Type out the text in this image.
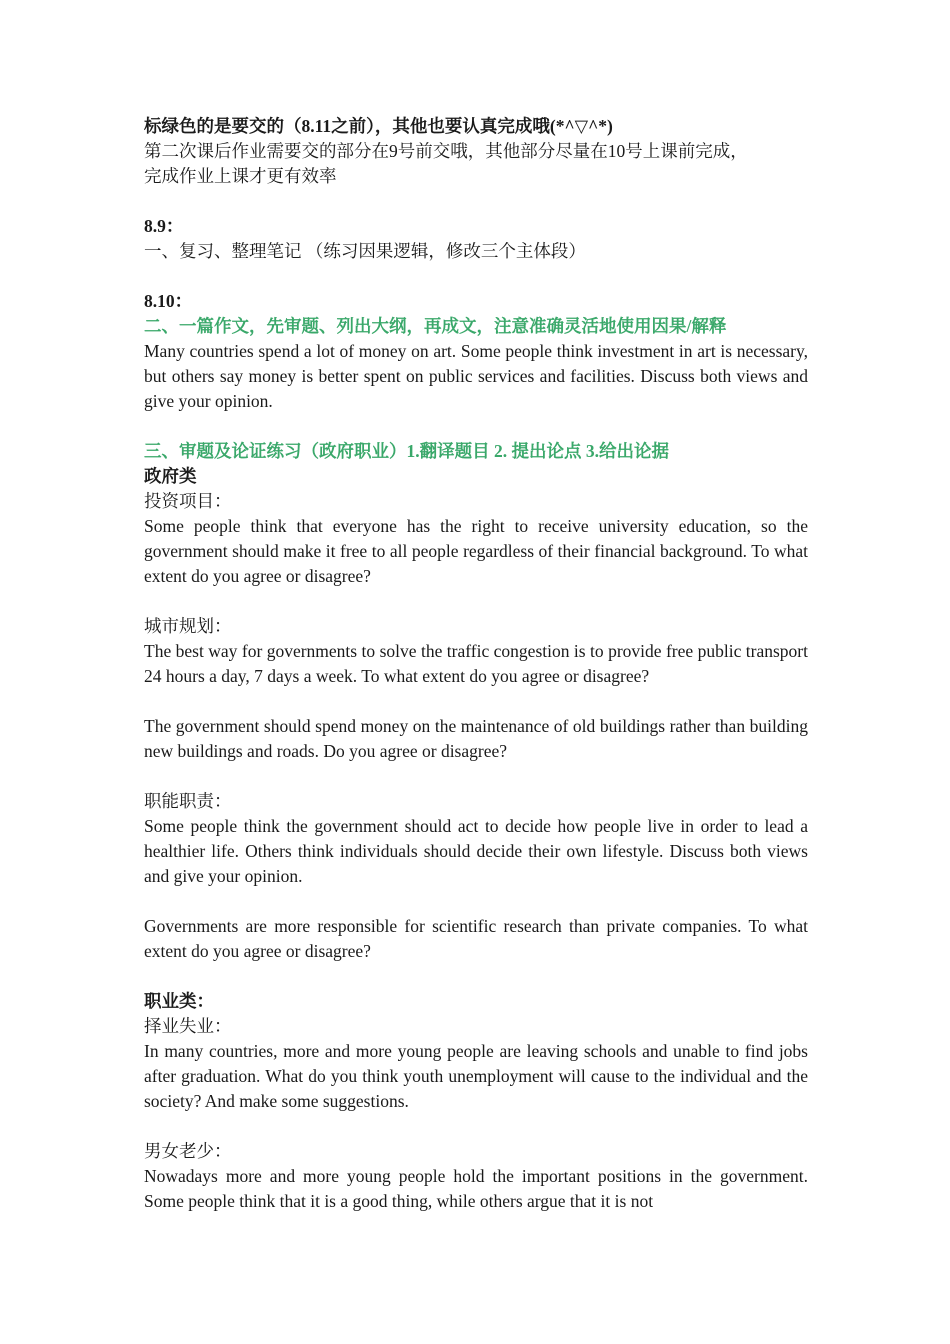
标绿色的是要交的（8.11之前），其他也要认真完成哦(*^▽^*)
第二次课后作业需要交的部分在9号前交哦，其他部分尽量在10号上课前完成，
完成作业上课才更有效率
8.9：
一、复习、整理笔记 （练习因果逻辑，修改三个主体段）
8.10：
二、一篇作文，先审题、列出大纲，再成文，注意准确灵活地使用因果/解释
Many countries spend a lot of money on art. Some people think investment in art is necessary, but others say money is better spent on public services and facilities. Discuss both views and give your opinion.
三、审题及论证练习（政府职业）1.翻译题目 2. 提出论点 3.给出论据
政府类
投资项目：
Some people think that everyone has the right to receive university education, so the government should make it free to all people regardless of their financial background. To what extent do you agree or disagree?
城市规划：
The best way for governments to solve the traffic congestion is to provide free public transport 24 hours a day, 7 days a week. To what extent do you agree or disagree?
The government should spend money on the maintenance of old buildings rather than building new buildings and roads. Do you agree or disagree?
职能职责：
Some people think the government should act to decide how people live in order to lead a healthier life. Others think individuals should decide their own lifestyle. Discuss both views and give your opinion.
Governments are more responsible for scientific research than private companies. To what extent do you agree or disagree?
职业类：
择业失业：
In many countries, more and more young people are leaving schools and unable to find jobs after graduation. What do you think youth unemployment will cause to the individual and the society? And make some suggestions.
男女老少：
Nowadays more and more young people hold the important positions in the government. Some people think that it is a good thing, while others argue that it is not
